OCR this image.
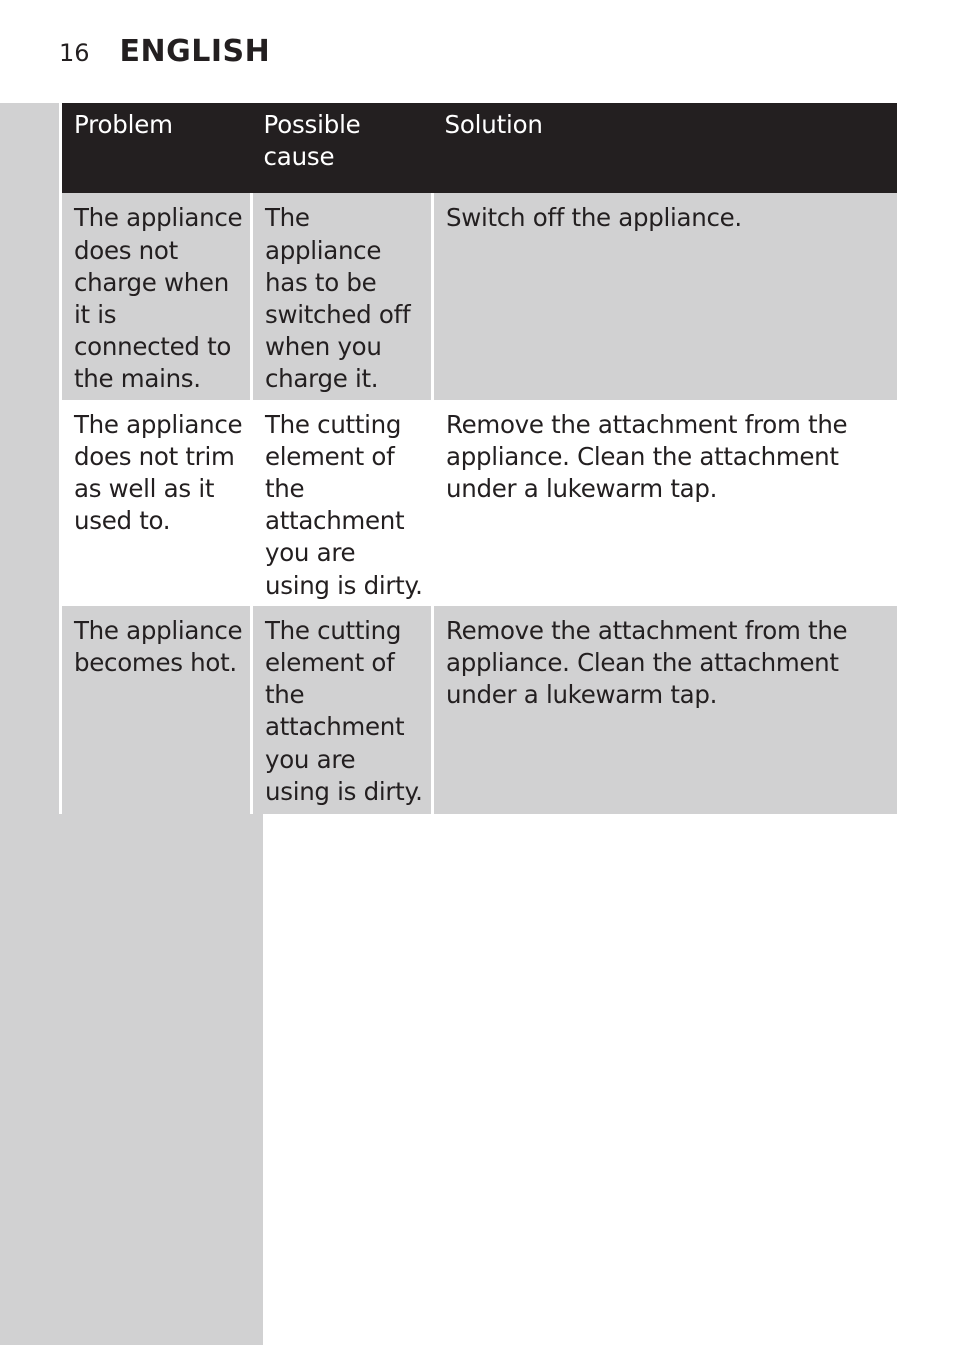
16 ENGLISH
Problem	Possible cause	Solution
The appliance does not charge when it is connected to the mains.	The appliance has to be switched off when you charge it.	Switch off the appliance.
The appliance does not trim as well as it used to.	The cutting element of the attachment you are using is dirty.	Remove the attachment from the appliance. Clean the attachment under a lukewarm tap.
The appliance becomes hot.	The cutting element of the attachment you are using is dirty.	Remove the attachment from the appliance. Clean the attachment under a lukewarm tap.
